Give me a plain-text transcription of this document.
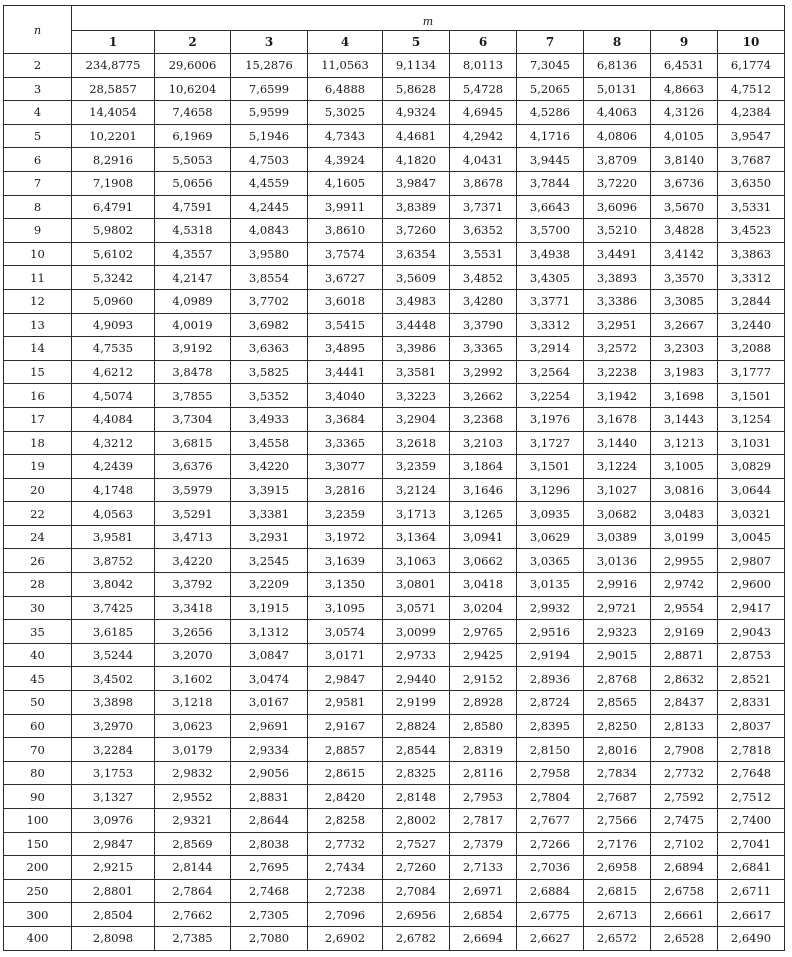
n	m									
	1	2	3	4	5	6	7	8	9	10
2	234,8775	29,6006	15,2876	11,0563	9,1134	8,0113	7,3045	6,8136	6,4531	6,1774
3	28,5857	10,6204	7,6599	6,4888	5,8628	5,4728	5,2065	5,0131	4,8663	4,7512
4	14,4054	7,4658	5,9599	5,3025	4,9324	4,6945	4,5286	4,4063	4,3126	4,2384
5	10,2201	6,1969	5,1946	4,7343	4,4681	4,2942	4,1716	4,0806	4,0105	3,9547
6	8,2916	5,5053	4,7503	4,3924	4,1820	4,0431	3,9445	3,8709	3,8140	3,7687
7	7,1908	5,0656	4,4559	4,1605	3,9847	3,8678	3,7844	3,7220	3,6736	3,6350
8	6,4791	4,7591	4,2445	3,9911	3,8389	3,7371	3,6643	3,6096	3,5670	3,5331
9	5,9802	4,5318	4,0843	3,8610	3,7260	3,6352	3,5700	3,5210	3,4828	3,4523
10	5,6102	4,3557	3,9580	3,7574	3,6354	3,5531	3,4938	3,4491	3,4142	3,3863
11	5,3242	4,2147	3,8554	3,6727	3,5609	3,4852	3,4305	3,3893	3,3570	3,3312
12	5,0960	4,0989	3,7702	3,6018	3,4983	3,4280	3,3771	3,3386	3,3085	3,2844
13	4,9093	4,0019	3,6982	3,5415	3,4448	3,3790	3,3312	3,2951	3,2667	3,2440
14	4,7535	3,9192	3,6363	3,4895	3,3986	3,3365	3,2914	3,2572	3,2303	3,2088
15	4,6212	3,8478	3,5825	3,4441	3,3581	3,2992	3,2564	3,2238	3,1983	3,1777
16	4,5074	3,7855	3,5352	3,4040	3,3223	3,2662	3,2254	3,1942	3,1698	3,1501
17	4,4084	3,7304	3,4933	3,3684	3,2904	3,2368	3,1976	3,1678	3,1443	3,1254
18	4,3212	3,6815	3,4558	3,3365	3,2618	3,2103	3,1727	3,1440	3,1213	3,1031
19	4,2439	3,6376	3,4220	3,3077	3,2359	3,1864	3,1501	3,1224	3,1005	3,0829
20	4,1748	3,5979	3,3915	3,2816	3,2124	3,1646	3,1296	3,1027	3,0816	3,0644
22	4,0563	3,5291	3,3381	3,2359	3,1713	3,1265	3,0935	3,0682	3,0483	3,0321
24	3,9581	3,4713	3,2931	3,1972	3,1364	3,0941	3,0629	3,0389	3,0199	3,0045
26	3,8752	3,4220	3,2545	3,1639	3,1063	3,0662	3,0365	3,0136	2,9955	2,9807
28	3,8042	3,3792	3,2209	3,1350	3,0801	3,0418	3,0135	2,9916	2,9742	2,9600
30	3,7425	3,3418	3,1915	3,1095	3,0571	3,0204	2,9932	2,9721	2,9554	2,9417
35	3,6185	3,2656	3,1312	3,0574	3,0099	2,9765	2,9516	2,9323	2,9169	2,9043
40	3,5244	3,2070	3,0847	3,0171	2,9733	2,9425	2,9194	2,9015	2,8871	2,8753
45	3,4502	3,1602	3,0474	2,9847	2,9440	2,9152	2,8936	2,8768	2,8632	2,8521
50	3,3898	3,1218	3,0167	2,9581	2,9199	2,8928	2,8724	2,8565	2,8437	2,8331
60	3,2970	3,0623	2,9691	2,9167	2,8824	2,8580	2,8395	2,8250	2,8133	2,8037
70	3,2284	3,0179	2,9334	2,8857	2,8544	2,8319	2,8150	2,8016	2,7908	2,7818
80	3,1753	2,9832	2,9056	2,8615	2,8325	2,8116	2,7958	2,7834	2,7732	2,7648
90	3,1327	2,9552	2,8831	2,8420	2,8148	2,7953	2,7804	2,7687	2,7592	2,7512
100	3,0976	2,9321	2,8644	2,8258	2,8002	2,7817	2,7677	2,7566	2,7475	2,7400
150	2,9847	2,8569	2,8038	2,7732	2,7527	2,7379	2,7266	2,7176	2,7102	2,7041
200	2,9215	2,8144	2,7695	2,7434	2,7260	2,7133	2,7036	2,6958	2,6894	2,6841
250	2,8801	2,7864	2,7468	2,7238	2,7084	2,6971	2,6884	2,6815	2,6758	2,6711
300	2,8504	2,7662	2,7305	2,7096	2,6956	2,6854	2,6775	2,6713	2,6661	2,6617
400	2,8098	2,7385	2,7080	2,6902	2,6782	2,6694	2,6627	2,6572	2,6528	2,6490
